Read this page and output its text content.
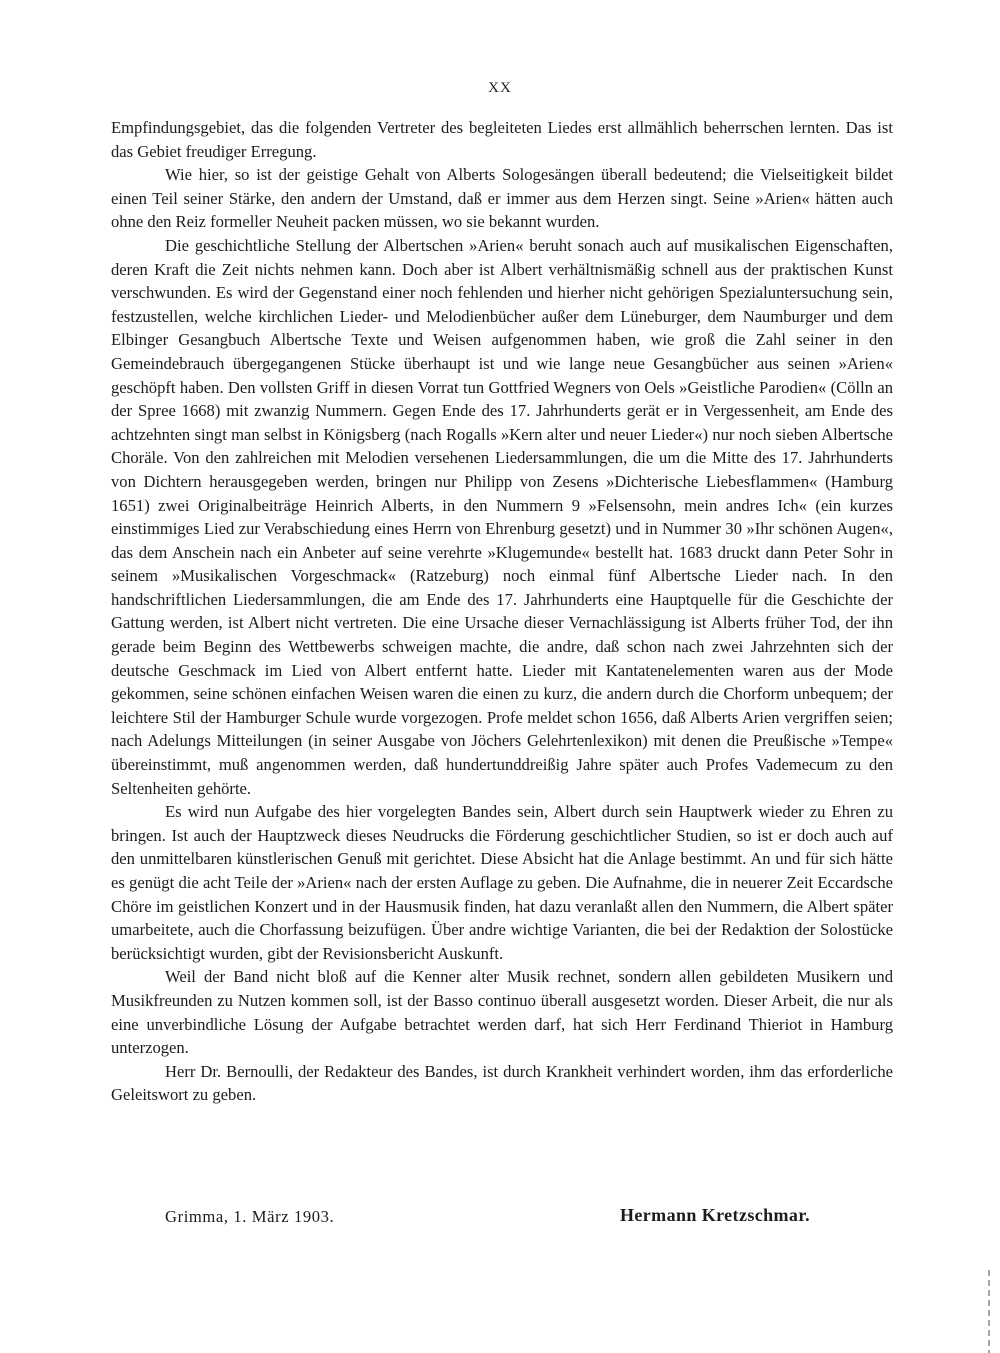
XX

Empfindungsgebiet, das die folgenden Vertreter des begleiteten Liedes erst allmählich beherrschen lernten. Das ist das Gebiet freudiger Erregung.

Wie hier, so ist der geistige Gehalt von Alberts Sologesängen überall bedeutend; die Vielseitigkeit bildet einen Teil seiner Stärke, den andern der Umstand, daß er immer aus dem Herzen singt. Seine »Arien« hätten auch ohne den Reiz formeller Neuheit packen müssen, wo sie bekannt wurden.

Die geschichtliche Stellung der Albertschen »Arien« beruht sonach auch auf musikalischen Eigenschaften, deren Kraft die Zeit nichts nehmen kann. Doch aber ist Albert verhältnismäßig schnell aus der praktischen Kunst verschwunden. Es wird der Gegenstand einer noch fehlenden und hierher nicht gehörigen Spezialuntersuchung sein, festzustellen, welche kirchlichen Lieder- und Melodienbücher außer dem Lüneburger, dem Naumburger und dem Elbinger Gesangbuch Albertsche Texte und Weisen aufgenommen haben, wie groß die Zahl seiner in den Gemeindebrauch übergegangenen Stücke überhaupt ist und wie lange neue Gesangbücher aus seinen »Arien« geschöpft haben. Den vollsten Griff in diesen Vorrat tun Gottfried Wegners von Oels »Geistliche Parodien« (Cölln an der Spree 1668) mit zwanzig Nummern. Gegen Ende des 17. Jahrhunderts gerät er in Vergessenheit, am Ende des achtzehnten singt man selbst in Königsberg (nach Rogalls »Kern alter und neuer Lieder«) nur noch sieben Albertsche Choräle. Von den zahlreichen mit Melodien versehenen Liedersammlungen, die um die Mitte des 17. Jahrhunderts von Dichtern herausgegeben werden, bringen nur Philipp von Zesens »Dichterische Liebesflammen« (Hamburg 1651) zwei Originalbeiträge Heinrich Alberts, in den Nummern 9 »Felsensohn, mein andres Ich« (ein kurzes einstimmiges Lied zur Verabschiedung eines Herrn von Ehrenburg gesetzt) und in Nummer 30 »Ihr schönen Augen«, das dem Anschein nach ein Anbeter auf seine verehrte »Klugemunde« bestellt hat. 1683 druckt dann Peter Sohr in seinem »Musikalischen Vorgeschmack« (Ratzeburg) noch einmal fünf Albertsche Lieder nach. In den handschriftlichen Liedersammlungen, die am Ende des 17. Jahrhunderts eine Hauptquelle für die Geschichte der Gattung werden, ist Albert nicht vertreten. Die eine Ursache dieser Vernachlässigung ist Alberts früher Tod, der ihn gerade beim Beginn des Wettbewerbs schweigen machte, die andre, daß schon nach zwei Jahrzehnten sich der deutsche Geschmack im Lied von Albert entfernt hatte. Lieder mit Kantatenelementen waren aus der Mode gekommen, seine schönen einfachen Weisen waren die einen zu kurz, die andern durch die Chorform unbequem; der leichtere Stil der Hamburger Schule wurde vorgezogen. Profe meldet schon 1656, daß Alberts Arien vergriffen seien; nach Adelungs Mitteilungen (in seiner Ausgabe von Jöchers Gelehrtenlexikon) mit denen die Preußische »Tempe« übereinstimmt, muß angenommen werden, daß hundertunddreißig Jahre später auch Profes Vademecum zu den Seltenheiten gehörte.

Es wird nun Aufgabe des hier vorgelegten Bandes sein, Albert durch sein Hauptwerk wieder zu Ehren zu bringen. Ist auch der Hauptzweck dieses Neudrucks die Förderung geschichtlicher Studien, so ist er doch auch auf den unmittelbaren künstlerischen Genuß mit gerichtet. Diese Absicht hat die Anlage bestimmt. An und für sich hätte es genügt die acht Teile der »Arien« nach der ersten Auflage zu geben. Die Aufnahme, die in neuerer Zeit Eccardsche Chöre im geistlichen Konzert und in der Hausmusik finden, hat dazu veranlaßt allen den Nummern, die Albert später umarbeitete, auch die Chorfassung beizufügen. Über andre wichtige Varianten, die bei der Redaktion der Solostücke berücksichtigt wurden, gibt der Revisionsbericht Auskunft.

Weil der Band nicht bloß auf die Kenner alter Musik rechnet, sondern allen gebildeten Musikern und Musikfreunden zu Nutzen kommen soll, ist der Basso continuo überall ausgesetzt worden. Dieser Arbeit, die nur als eine unverbindliche Lösung der Aufgabe betrachtet werden darf, hat sich Herr Ferdinand Thieriot in Hamburg unterzogen.

Herr Dr. Bernoulli, der Redakteur des Bandes, ist durch Krankheit verhindert worden, ihm das erforderliche Geleitswort zu geben.

Grimma, 1. März 1903.	Hermann Kretzschmar.
